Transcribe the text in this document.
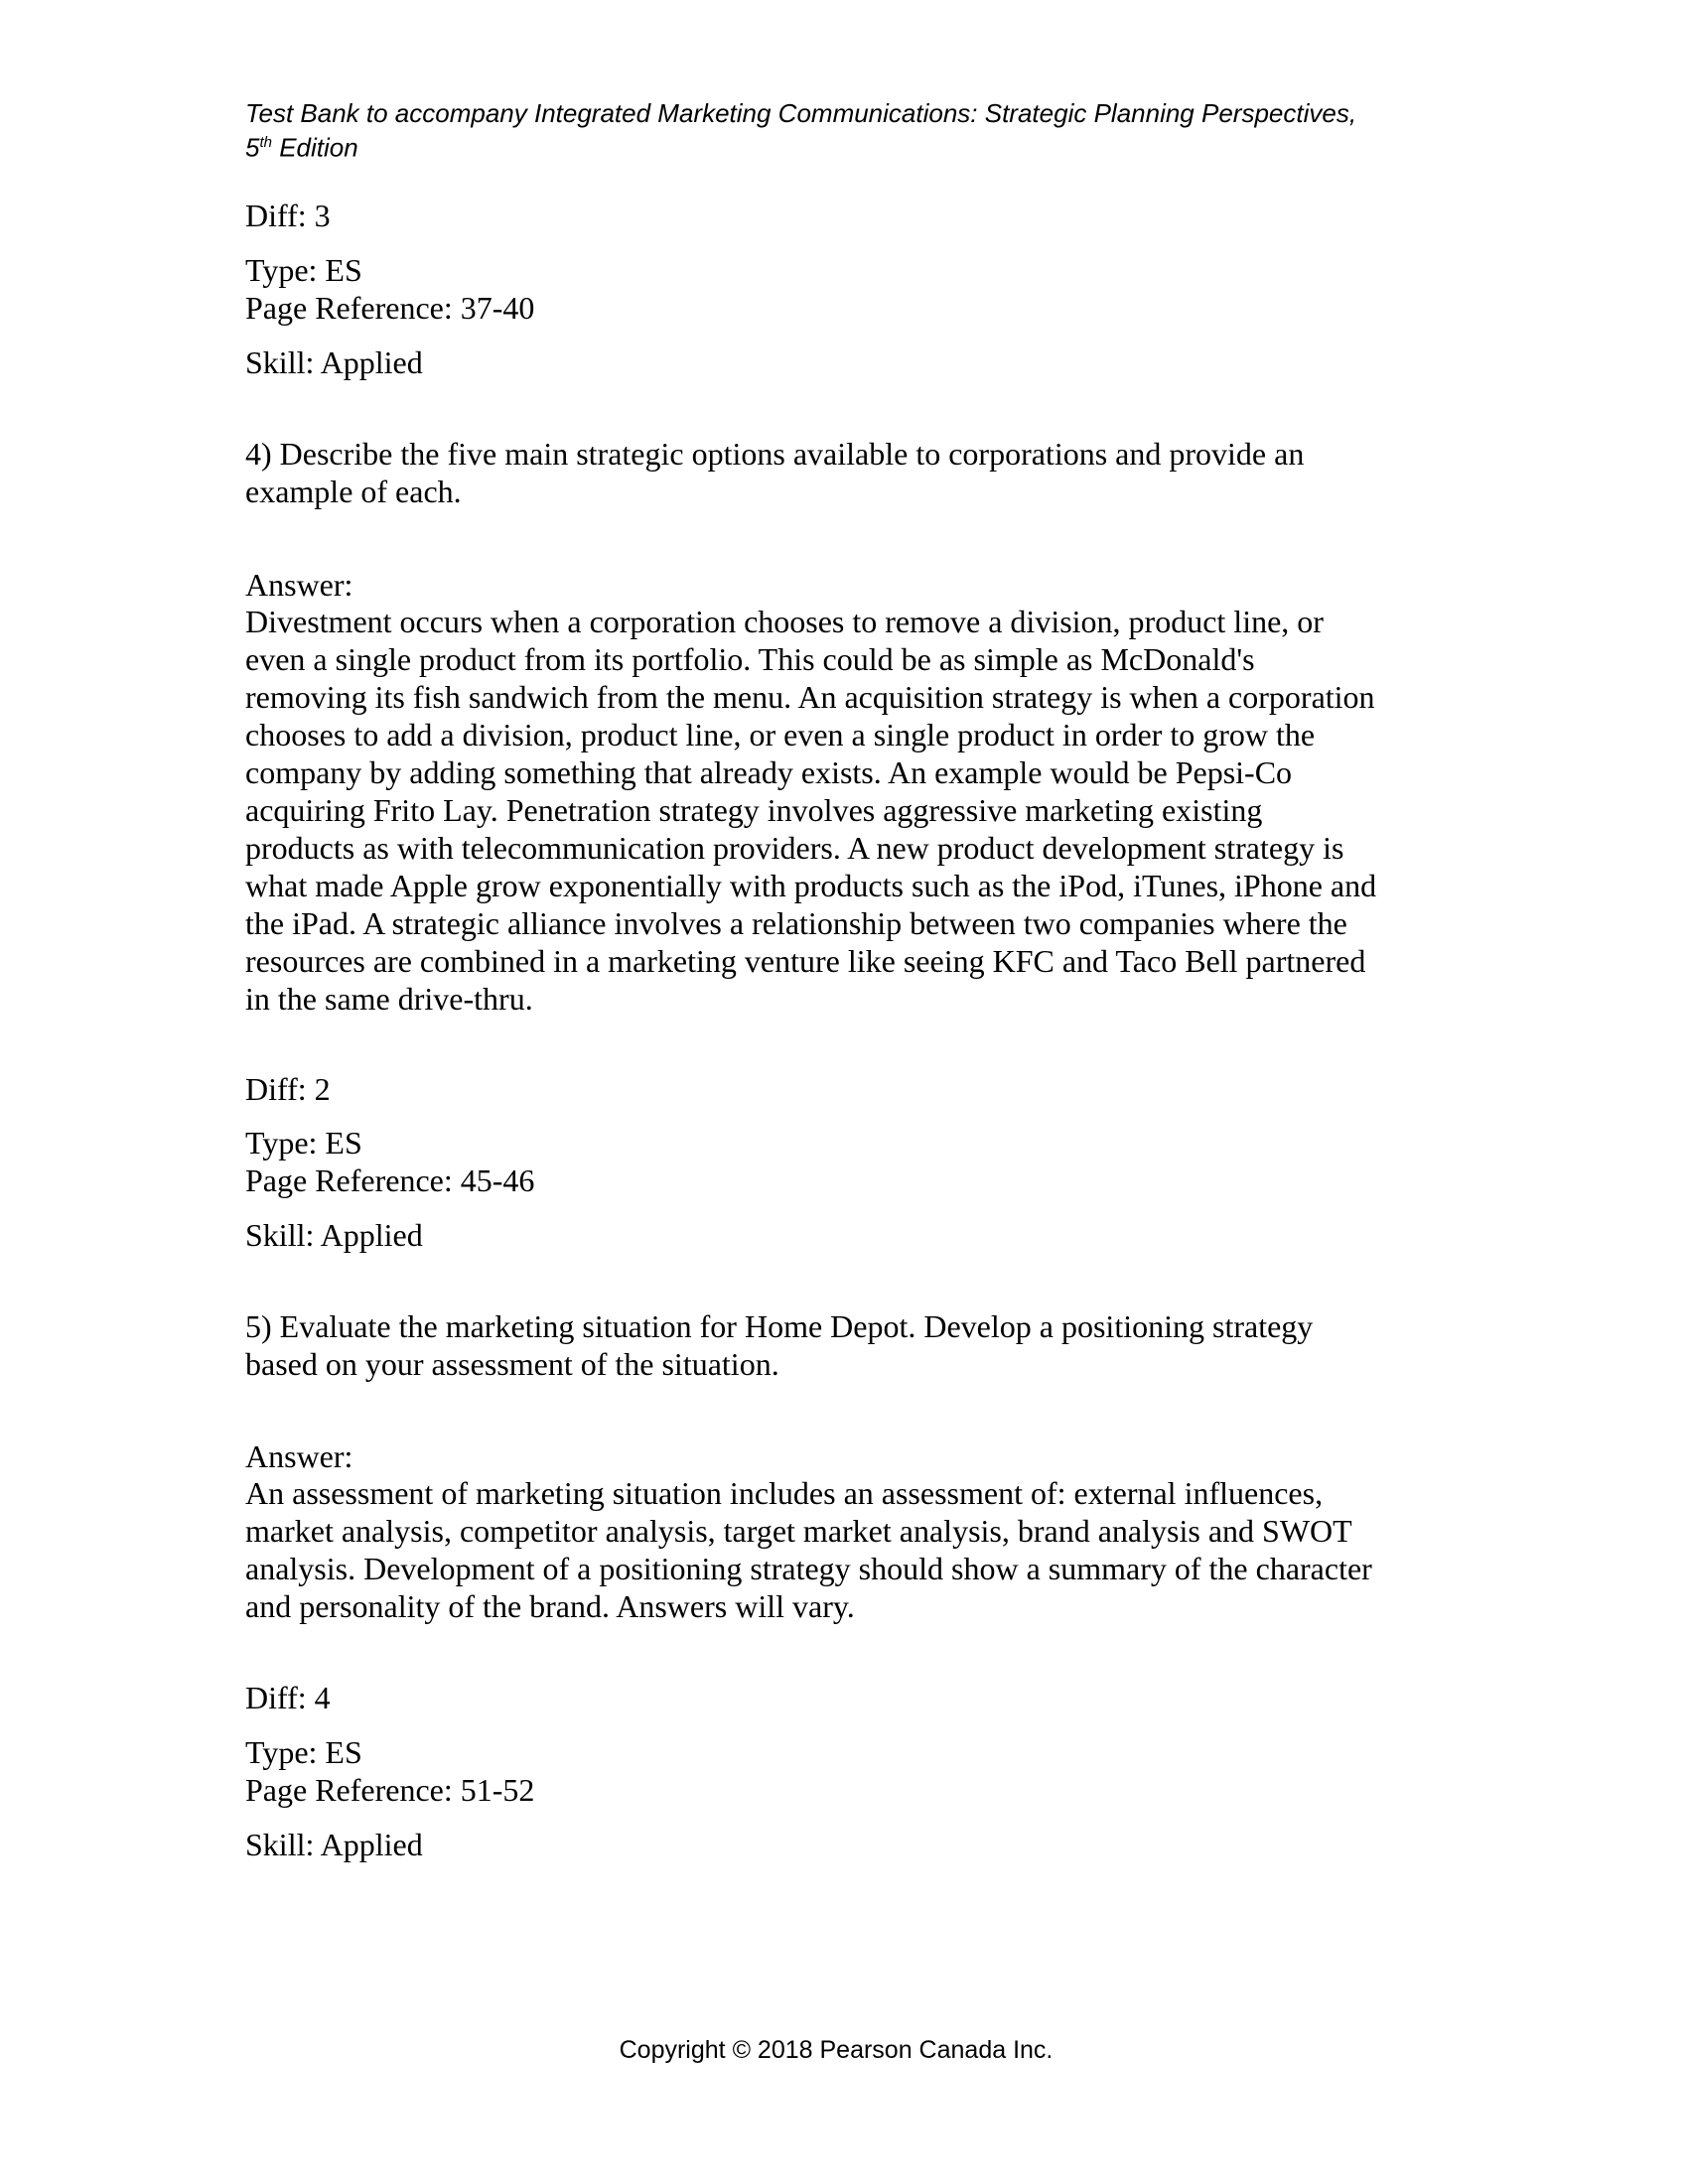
Test Bank to accompany Integrated Marketing Communications: Strategic Planning Perspectives,
5th Edition
Diff: 3
Type: ES
Page Reference: 37-40
Skill: Applied
4) Describe the five main strategic options available to corporations and provide an
example of each.
Answer:
Divestment occurs when a corporation chooses to remove a division, product line, or
even a single product from its portfolio. This could be as simple as McDonald's
removing its fish sandwich from the menu. An acquisition strategy is when a corporation
chooses to add a division, product line, or even a single product in order to grow the
company by adding something that already exists. An example would be Pepsi-Co
acquiring Frito Lay. Penetration strategy involves aggressive marketing existing
products as with telecommunication providers. A new product development strategy is
what made Apple grow exponentially with products such as the iPod, iTunes, iPhone and
the iPad. A strategic alliance involves a relationship between two companies where the
resources are combined in a marketing venture like seeing KFC and Taco Bell partnered
in the same drive-thru.
Diff: 2
Type: ES
Page Reference: 45-46
Skill: Applied
5) Evaluate the marketing situation for Home Depot. Develop a positioning strategy
based on your assessment of the situation.
Answer:
An assessment of marketing situation includes an assessment of: external influences,
market analysis, competitor analysis, target market analysis, brand analysis and SWOT
analysis. Development of a positioning strategy should show a summary of the character
and personality of the brand. Answers will vary.
Diff: 4
Type: ES
Page Reference: 51-52
Skill: Applied
Copyright © 2018 Pearson Canada Inc.
